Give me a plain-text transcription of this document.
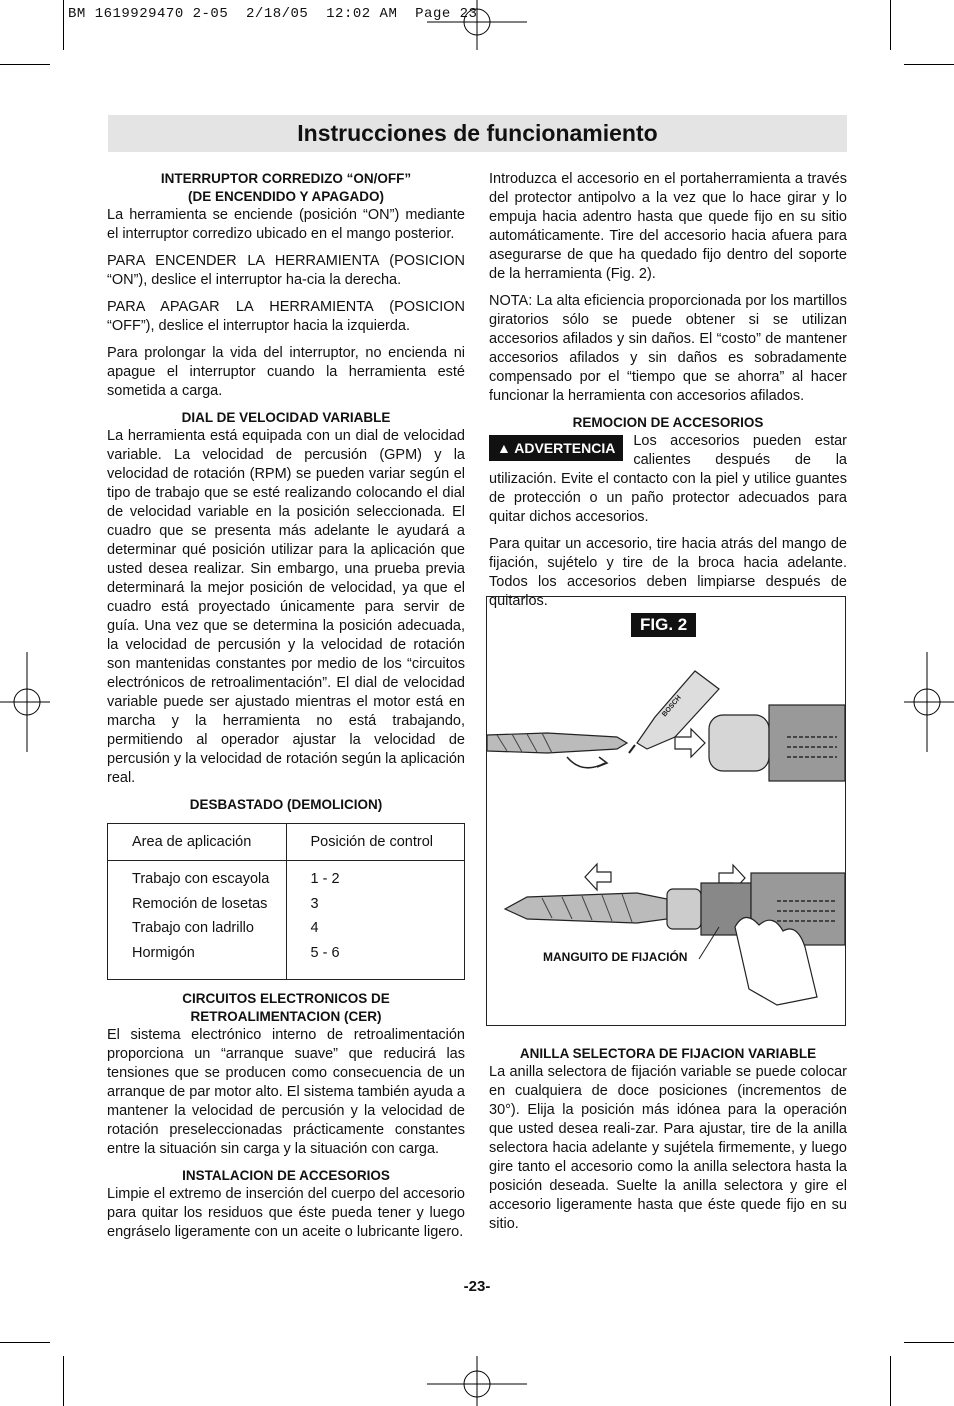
BM 1619929470 2-05  2/18/05  12:02 AM  Page 23
Instrucciones de funcionamiento
INTERRUPTOR CORREDIZO “ON/OFF”
(DE ENCENDIDO Y APAGADO)

La herramienta se enciende (posición “ON”) mediante el interruptor corredizo ubicado en el mango posterior.

PARA ENCENDER LA HERRAMIENTA (POSICION “ON”), deslice el interruptor ha-cia la derecha.

PARA APAGAR LA HERRAMIENTA (POSICION “OFF”), deslice el interruptor hacia la izquierda.

Para prolongar la vida del interruptor, no encienda ni apague el interruptor cuando la herramienta esté sometida a carga.

DIAL DE VELOCIDAD VARIABLE

La herramienta está equipada con un dial de velocidad variable. La velocidad de percusión (GPM) y la velocidad de rotación (RPM) se pueden variar según el tipo de trabajo que se esté realizando colocando el dial de velocidad variable en la posición seleccionada. El cuadro que se presenta más adelante le ayudará a determinar qué posición utilizar para la aplicación que usted desea realizar. Sin embargo, una prueba previa determinará la mejor posición de velocidad, ya que el cuadro está proyectado únicamente para servir de guía. Una vez que se determina la posición adecuada, la velocidad de percusión y la velocidad de rotación son mantenidas constantes por medio de los “circuitos electrónicos de retroalimentación”. El dial de velocidad variable puede ser ajustado mientras el motor está en marcha y la herramienta no está trabajando, permitiendo al operador ajustar la velocidad de percusión y la velocidad de rotación según la aplicación real.

DESBASTADO (DEMOLICION)
Area de aplicación	Posición de control
Trabajo con escayola
Remoción de losetas
Trabajo con ladrillo
Hormigón
1 - 2
3
4
5 - 6
CIRCUITOS ELECTRONICOS DE
RETROALIMENTACION (CER)

El sistema electrónico interno de retroalimentación proporciona un “arranque suave” que reducirá las tensiones que se producen como consecuencia de un arranque de par motor alto. El sistema también ayuda a mantener la velocidad de percusión y la velocidad de rotación preseleccionadas prácticamente constantes entre la situación sin carga y la situación con carga.

INSTALACION DE ACCESORIOS

Limpie el extremo de inserción del cuerpo del accesorio para quitar los residuos que éste pueda tener y luego engráselo ligeramente con un aceite o lubricante ligero.

Introduzca el accesorio en el portaherramienta a través del protector antipolvo a la vez que lo hace girar y lo empuja hacia adentro hasta que quede fijo en su sitio automáticamente. Tire del accesorio hacia afuera para asegurarse de que ha quedado fijo dentro del soporte de la herramienta (Fig. 2).

NOTA: La alta eficiencia proporcionada por los martillos giratorios sólo se puede obtener si se utilizan accesorios afilados y sin daños. El “costo” de mantener accesorios afilados y sin daños es sobradamente compensado por el “tiempo que se ahorra” al hacer funcionar la herramienta con accesorios afilados.

REMOCION DE ACCESORIOS
▲ ADVERTENCIA	Los accesorios pueden estar calientes después de la utilización. Evite el contacto con la piel y utilice guantes de protección o un paño protector adecuados para quitar dichos accesorios.

Para quitar un accesorio, tire hacia atrás del mango de fijación, sujételo y tire de la broca hacia adelante. Todos los accesorios deben limpiarse después de quitarlos.

FIG. 2
BOSCH
MANGUITO DE FIJACIÓN
ANILLA SELECTORA DE FIJACION VARIABLE

La anilla selectora de fijación variable se puede colocar en cualquiera de doce posiciones (incrementos de 30°). Elija la posición más idónea para la operación que usted desea reali-zar. Para ajustar, tire de la anilla selectora hacia adelante y sujétela firmemente, y luego gire tanto el accesorio como la anilla selectora hasta la posición deseada. Suelte la anilla selectora y gire el accesorio ligeramente hasta que éste quede fijo en su sitio.

-23-
